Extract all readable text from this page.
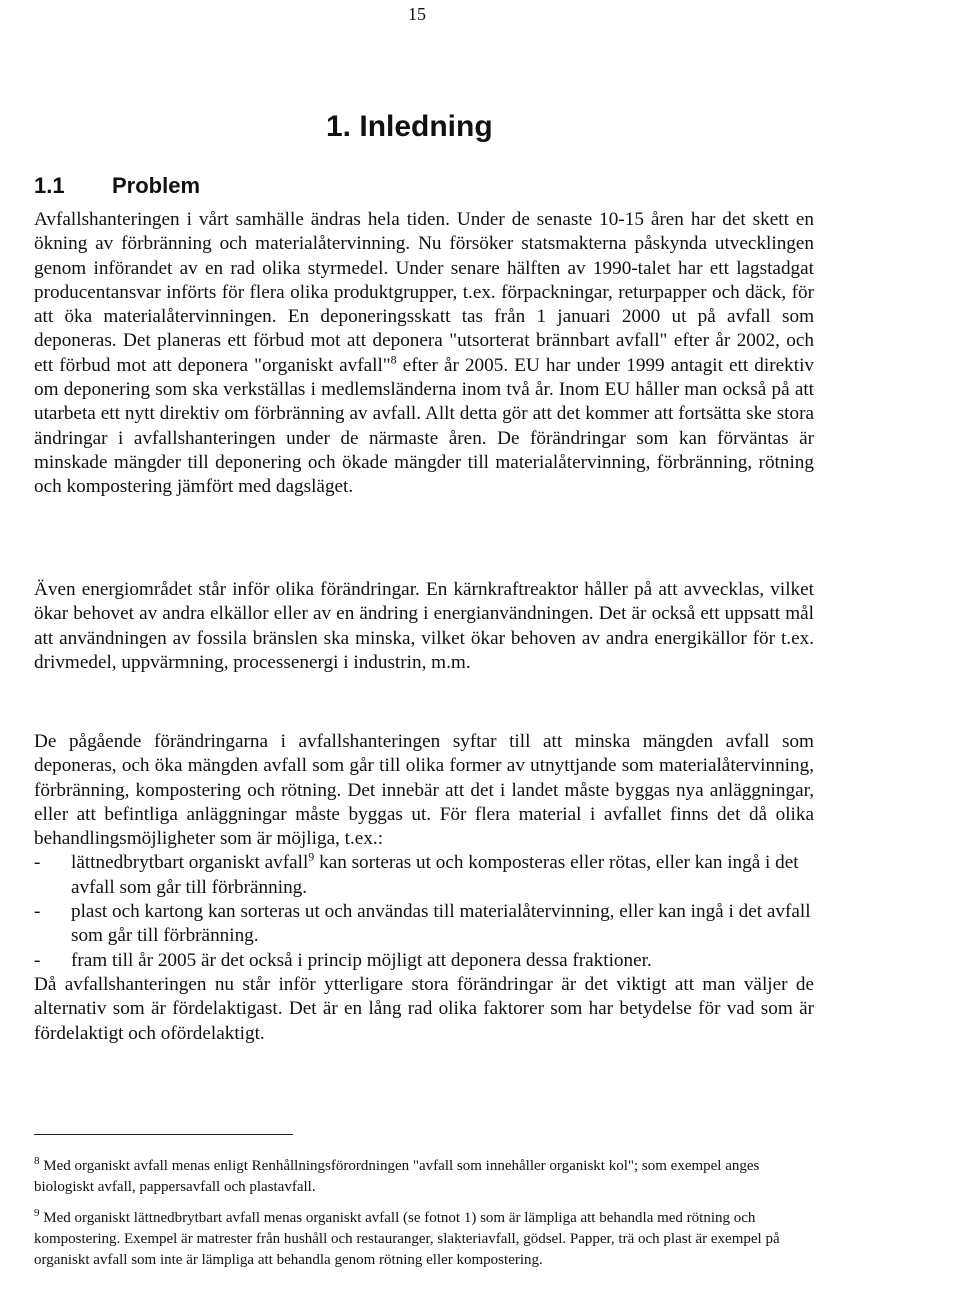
15
1. Inledning
1.1 Problem

Avfallshanteringen i vårt samhälle ändras hela tiden. Under de senaste 10-15 åren har det skett en ökning av förbränning och materialåtervinning. Nu försöker statsmakterna påskynda utvecklingen genom införandet av en rad olika styrmedel. Under senare hälften av 1990-talet har ett lagstadgat producentansvar införts för flera olika produktgrupper, t.ex. förpackningar, returpapper och däck, för att öka materialåtervinningen. En deponeringsskatt tas från 1 januari 2000 ut på avfall som deponeras. Det planeras ett förbud mot att deponera "utsorterat brännbart avfall" efter år 2002, och ett förbud mot att deponera "organiskt avfall"$^8$ efter år 2005. EU har under 1999 antagit ett direktiv om deponering som ska verkställas i medlemsländerna inom två år. Inom EU håller man också på att utarbeta ett nytt direktiv om förbränning av avfall. Allt detta gör att det kommer att fortsätta ske stora ändringar i avfallshanteringen under de närmaste åren. De förändringar som kan förväntas är minskade mängder till deponering och ökade mängder till materialåtervinning, förbränning, rötning och kompostering jämfört med dagsläget.

Även energiområdet står inför olika förändringar. En kärnkraftreaktor håller på att avvecklas, vilket ökar behovet av andra elkällor eller av en ändring i energianvändningen. Det är också ett uppsatt mål att användningen av fossila bränslen ska minska, vilket ökar behoven av andra energikällor för t.ex. drivmedel, uppvärmning, processenergi i industrin, m.m.

De pågående förändringarna i avfallshanteringen syftar till att minska mängden avfall som deponeras, och öka mängden avfall som går till olika former av utnyttjande som materialåtervinning, förbränning, kompostering och rötning. Det innebär att det i landet måste byggas nya anläggningar, eller att befintliga anläggningar måste byggas ut. För flera material i avfallet finns det då olika behandlingsmöjligheter som är möjliga, t.ex.:

- lättnedbrytbart organiskt avfall$^9$ kan sorteras ut och komposteras eller rötas, eller kan ingå i det avfall som går till förbränning.
- plast och kartong kan sorteras ut och användas till materialåtervinning, eller kan ingå i det avfall som går till förbränning.
- fram till år 2005 är det också i princip möjligt att deponera dessa fraktioner.

Då avfallshanteringen nu står inför ytterligare stora förändringar är det viktigt att man väljer de alternativ som är fördelaktigast. Det är en lång rad olika faktorer som har betydelse för vad som är fördelaktigt och ofördelaktigt.

$^8$ Med organiskt avfall menas enligt Renhållningsförordningen "avfall som innehåller organiskt kol"; som exempel anges biologiskt avfall, pappersavfall och plastavfall.

$^9$ Med organiskt lättnedbrytbart avfall menas organiskt avfall (se fotnot 1) som är lämpliga att behandla med rötning och kompostering. Exempel är matrester från hushåll och restauranger, slakteriavfall, gödsel. Papper, trä och plast är exempel på organiskt avfall som inte är lämpliga att behandla genom rötning eller kompostering.
